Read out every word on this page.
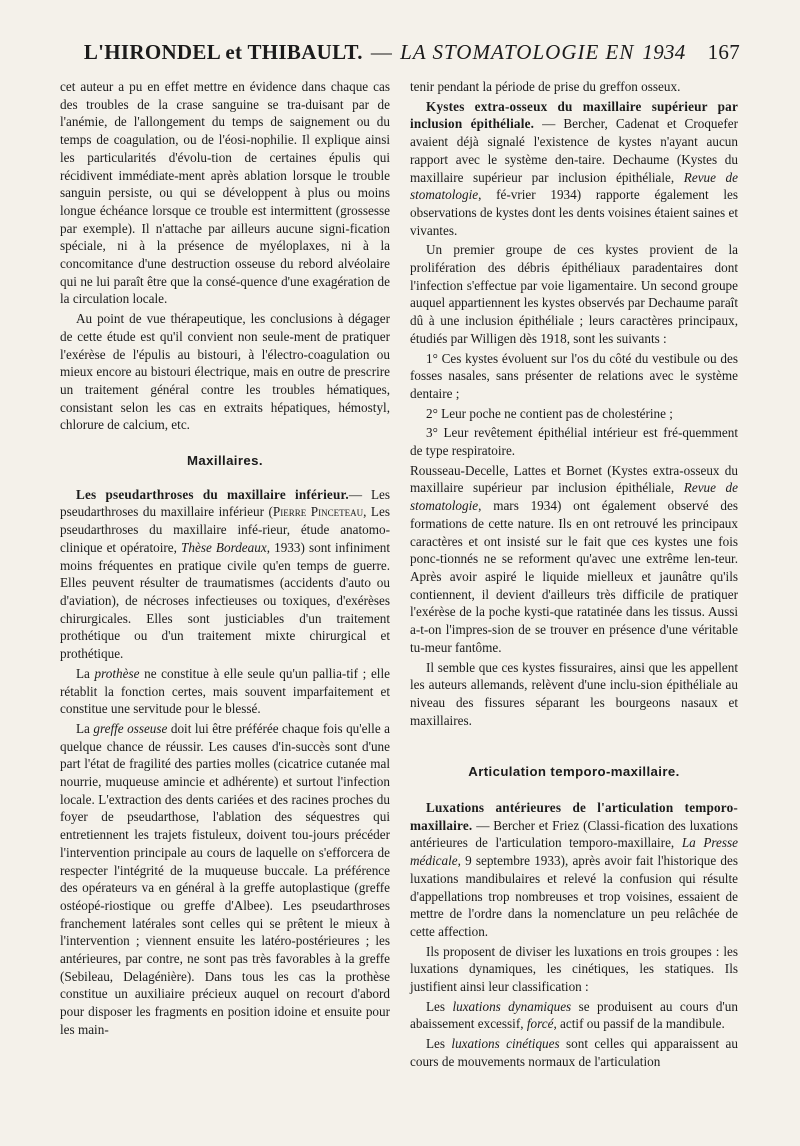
L'HIRONDEL et THIBAULT. — LA STOMATOLOGIE EN 1934 167

cet auteur a pu en effet mettre en évidence dans chaque cas des troubles de la crase sanguine se tra-duisant par de l'anémie, de l'allongement du temps de saignement ou du temps de coagulation, ou de l'éosi-nophilie. Il explique ainsi les particularités d'évolu-tion de certaines épulis qui récidivent immédiate-ment après ablation lorsque le trouble sanguin persiste, ou qui se développent à plus ou moins longue échéance lorsque ce trouble est intermittent (grossesse par exemple). Il n'attache par ailleurs aucune signi-fication spéciale, ni à la présence de myéloplaxes, ni à la concomitance d'une destruction osseuse du rebord alvéolaire qui ne lui paraît être que la consé-quence d'une exagération de la circulation locale.

Au point de vue thérapeutique, les conclusions à dégager de cette étude est qu'il convient non seule-ment de pratiquer l'exérèse de l'épulis au bistouri, à l'électro-coagulation ou mieux encore au bistouri électrique, mais en outre de prescrire un traitement général contre les troubles hématiques, consistant selon les cas en extraits hépatiques, hémostyl, chlorure de calcium, etc.

Maxillaires.

Les pseudarthroses du maxillaire inférieur.— Les pseudarthroses du maxillaire inférieur (Pierre Pinceteau, Les pseudarthroses du maxillaire infé-rieur, étude anatomo-clinique et opératoire, Thèse Bordeaux, 1933) sont infiniment moins fréquentes en pratique civile qu'en temps de guerre. Elles peuvent résulter de traumatismes (accidents d'auto ou d'aviation), de nécroses infectieuses ou toxiques, d'exérèses chirurgicales. Elles sont justiciables d'un traitement prothétique ou d'un traitement mixte chirurgical et prothétique.

La prothèse ne constitue à elle seule qu'un pallia-tif ; elle rétablit la fonction certes, mais souvent imparfaitement et constitue une servitude pour le blessé.

La greffe osseuse doit lui être préférée chaque fois qu'elle a quelque chance de réussir. Les causes d'in-succès sont d'une part l'état de fragilité des parties molles (cicatrice cutanée mal nourrie, muqueuse amincie et adhérente) et surtout l'infection locale. L'extraction des dents cariées et des racines proches du foyer de pseudarthose, l'ablation des séquestres qui entretiennent les trajets fistuleux, doivent tou-jours précéder l'intervention principale au cours de laquelle on s'efforcera de respecter l'intégrité de la muqueuse buccale. La préférence des opérateurs va en général à la greffe autoplastique (greffe ostéopé-riostique ou greffe d'Albee). Les pseudarthroses franchement latérales sont celles qui se prêtent le mieux à l'intervention ; viennent ensuite les latéro-postérieures ; les antérieures, par contre, ne sont pas très favorables à la greffe (Sebileau, Delagénière). Dans tous les cas la prothèse constitue un auxiliaire précieux auquel on recourt d'abord pour disposer les fragments en position idoine et ensuite pour les main-

tenir pendant la période de prise du greffon osseux.

Kystes extra-osseux du maxillaire supérieur par inclusion épithéliale. — Bercher, Cadenat et Croquefer avaient déjà signalé l'existence de kystes n'ayant aucun rapport avec le système den-taire. Dechaume (Kystes du maxillaire supérieur par inclusion épithéliale, Revue de stomatologie, fé-vrier 1934) rapporte également les observations de kystes dont les dents voisines étaient saines et vivantes.

Un premier groupe de ces kystes provient de la prolifération des débris épithéliaux paradentaires dont l'infection s'effectue par voie ligamentaire. Un second groupe auquel appartiennent les kystes observés par Dechaume paraît dû à une inclusion épithéliale ; leurs caractères principaux, étudiés par Willigen dès 1918, sont les suivants :

1° Ces kystes évoluent sur l'os du côté du vestibule ou des fosses nasales, sans présenter de relations avec le système dentaire ;

2° Leur poche ne contient pas de cholestérine ;

3° Leur revêtement épithélial intérieur est fré-quemment de type respiratoire.

Rousseau-Decelle, Lattes et Bornet (Kystes extra-osseux du maxillaire supérieur par inclusion épithéliale, Revue de stomatologie, mars 1934) ont également observé des formations de cette nature. Ils en ont retrouvé les principaux caractères et ont insisté sur le fait que ces kystes une fois ponc-tionnés ne se reforment qu'avec une extrême len-teur. Après avoir aspiré le liquide mielleux et jaunâtre qu'ils contiennent, il devient d'ailleurs très difficile de pratiquer l'exérèse de la poche kysti-que ratatinée dans les tissus. Aussi a-t-on l'impres-sion de se trouver en présence d'une véritable tu-meur fantôme.

Il semble que ces kystes fissuraires, ainsi que les appellent les auteurs allemands, relèvent d'une inclu-sion épithéliale au niveau des fissures séparant les bourgeons nasaux et maxillaires.

Articulation temporo-maxillaire.

Luxations antérieures de l'articulation temporo-maxillaire. — Bercher et Friez (Classi-fication des luxations antérieures de l'articulation temporo-maxillaire, La Presse médicale, 9 septembre 1933), après avoir fait l'historique des luxations mandibulaires et relevé la confusion qui résulte d'appellations trop nombreuses et trop voisines, essaient de mettre de l'ordre dans la nomenclature un peu relâchée de cette affection.

Ils proposent de diviser les luxations en trois groupes : les luxations dynamiques, les cinétiques, les statiques. Ils justifient ainsi leur classification :

Les luxations dynamiques se produisent au cours d'un abaissement excessif, forcé, actif ou passif de la mandibule.

Les luxations cinétiques sont celles qui apparaissent au cours de mouvements normaux de l'articulation
